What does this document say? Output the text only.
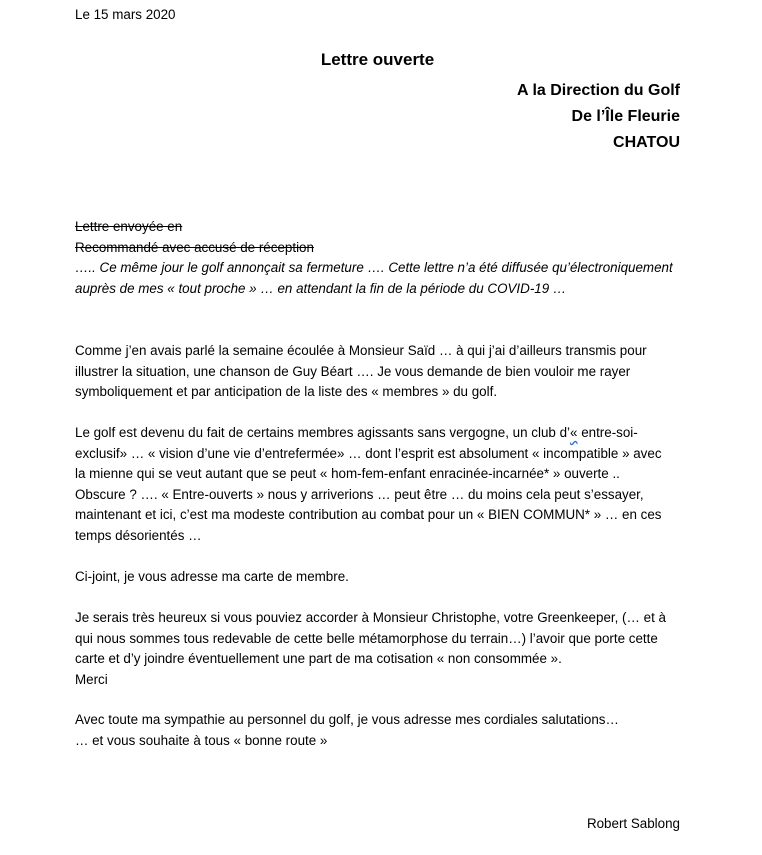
Le 15 mars 2020
Lettre ouverte
A la Direction du Golf
De l’Île Fleurie
CHATOU
Lettre envoyée en
Recommandé avec accusé de réception
….. Ce même jour le golf annonçait sa fermeture …. Cette lettre n’a été diffusée qu’électroniquement
auprès de mes « tout proche » … en attendant la fin de la période du COVID-19 …
Comme j’en avais parlé la semaine écoulée à Monsieur Saïd … à qui j’ai d’ailleurs transmis pour
illustrer la situation, une chanson de Guy Béart …. Je vous demande de bien vouloir me rayer
symboliquement et par anticipation de la liste des « membres » du golf.
Le golf est devenu du fait de certains membres agissants sans vergogne, un club d’« entre-soi-
exclusif» … « vision d’une vie d’entrefermée» … dont l’esprit est absolument « incompatible » avec
la mienne qui se veut autant que se peut « hom-fem-enfant enracinée-incarnée* » ouverte ..
Obscure ? …. « Entre-ouverts » nous y arriverions … peut être … du moins cela peut s’essayer,
maintenant et ici, c’est ma modeste contribution au combat pour un « BIEN COMMUN* » … en ces
temps désorientés …
Ci-joint, je vous adresse ma carte de membre.
Je serais très heureux si vous pouviez accorder à Monsieur Christophe, votre Greenkeeper, (… et à
qui nous sommes tous redevable de cette belle métamorphose du terrain…) l’avoir que porte cette
carte et d’y joindre éventuellement une part de ma cotisation « non consommée ».
Merci
Avec toute ma sympathie au personnel du golf, je vous adresse mes cordiales salutations…
… et vous souhaite à tous « bonne route »
Robert Sablong
